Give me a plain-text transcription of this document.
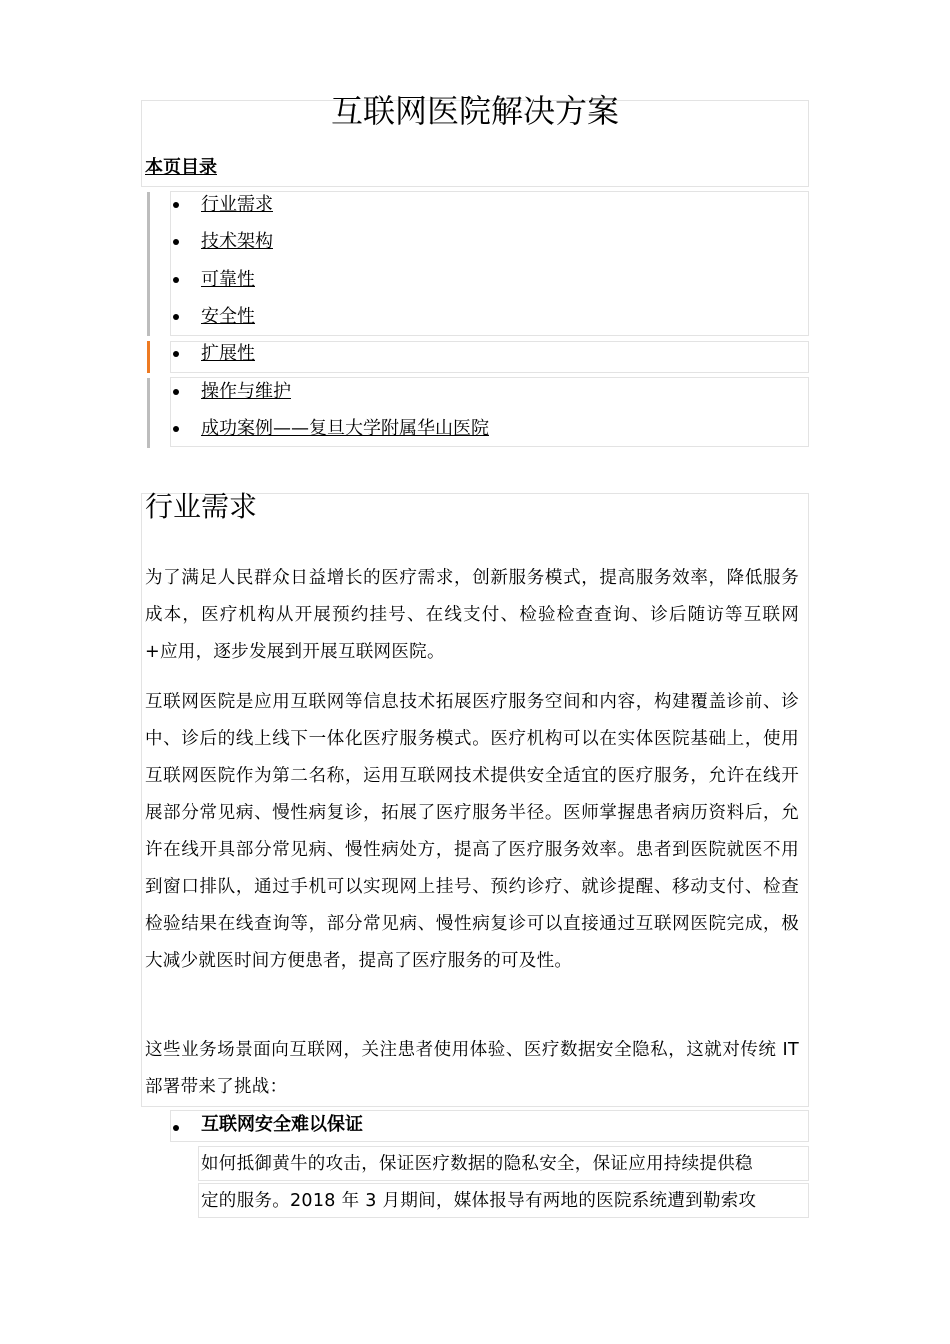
互联网医院解决方案

本页目录

行业需求
技术架构
可靠性
安全性
扩展性
操作与维护
成功案例——复旦大学附属华山医院
行业需求

为了满足人民群众日益增长的医疗需求，创新服务模式，提高服务效率，降低服务成本，医疗机构从开展预约挂号、在线支付、检验检查查询、诊后随访等互联网+应用，逐步发展到开展互联网医院。

互联网医院是应用互联网等信息技术拓展医疗服务空间和内容，构建覆盖诊前、诊中、诊后的线上线下一体化医疗服务模式。医疗机构可以在实体医院基础上，使用互联网医院作为第二名称，运用互联网技术提供安全适宜的医疗服务，允许在线开展部分常见病、慢性病复诊，拓展了医疗服务半径。医师掌握患者病历资料后，允许在线开具部分常见病、慢性病处方，提高了医疗服务效率。患者到医院就医不用到窗口排队，通过手机可以实现网上挂号、预约诊疗、就诊提醒、移动支付、检查检验结果在线查询等，部分常见病、慢性病复诊可以直接通过互联网医院完成，极大减少就医时间方便患者，提高了医疗服务的可及性。

这些业务场景面向互联网，关注患者使用体验、医疗数据安全隐私，这就对传统 IT 部署带来了挑战：

互联网安全难以保证

如何抵御黄牛的攻击，保证医疗数据的隐私安全，保证应用持续提供稳

定的服务。2018 年 3 月期间，媒体报导有两地的医院系统遭到勒索攻
